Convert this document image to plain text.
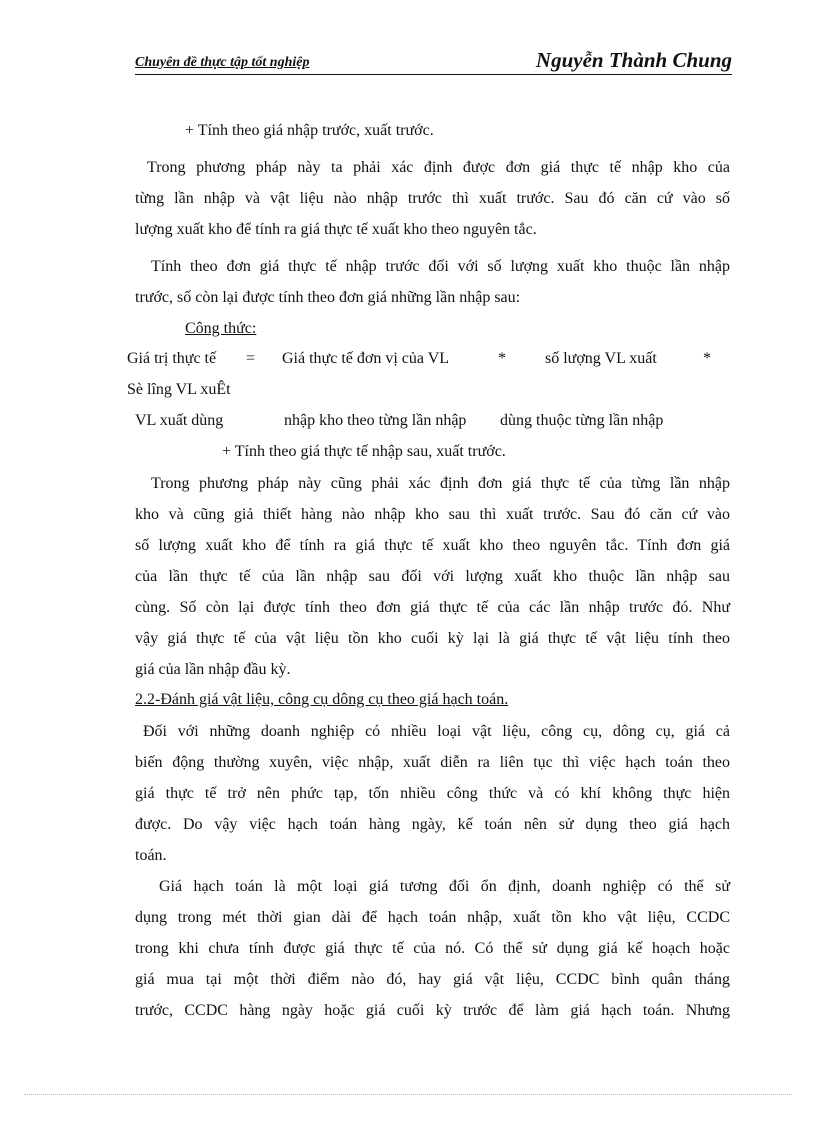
Chuyên đề thực tập tốt nghiệp	Nguyễn Thành Chung
+ Tính theo giá nhập trước, xuất trước.
Trong phương pháp này ta phải xác định được đơn giá thực tế nhập kho của
từng lần nhập và vật liệu nào nhập trước thì xuất trước. Sau đó căn cứ vào số
lượng xuất kho để tính ra giá thực tế xuất kho theo nguyên tắc.
Tính theo đơn giá thực tế nhập trước đối với số lượng xuất kho thuộc lần nhập
trước, số còn lại được tính theo đơn giá những lần nhập sau:
Công thức:
Giá trị thực tế = Giá thực tế đơn vị của VL	* số lượng VL xuất	*
Sè lîng VL xuÊt
VL xuất dùng	nhập kho theo từng lần nhập dùng thuộc từng lần nhập
+ Tính theo giá thực tế nhập sau, xuất trước.
Trong phương pháp này cũng phải xác định đơn giá thực tế của từng lần nhập
kho và cũng giả thiết hàng nào nhập kho sau thì xuất trước. Sau đó căn cứ vào
số lượng xuất kho để tính ra giá thực tế xuất kho theo nguyên tắc. Tính đơn giá
của lần thực tế của lần nhập sau đối với lượng xuất kho thuộc lần nhập sau
cùng. Số còn lại được tính theo đơn giá thực tế của các lần nhập trước đó. Như
vậy giá thực tế của vật liệu tồn kho cuối kỳ lại là giá thực tế vật liệu tính theo
giá của lần nhập đầu kỳ.
2.2-Đánh giá vật liệu, công cụ dông cụ theo giá hạch toán.
Đối với những doanh nghiệp có nhiều loại vật liệu, công cụ, dông cụ, giá cả
biến động thường xuyên, việc nhập, xuất diễn ra liên tục thì việc hạch toán theo
giá thực tế trở nên phức tạp, tốn nhiều công thức và có khí không thực hiện
được. Do vậy việc hạch toán hàng ngày, kế toán nên sử dụng theo giá hạch
toán.
Giá hạch toán là một loại giá tương đối ổn định, doanh nghiệp có thể sử
dụng trong mét thời gian dài để hạch toán nhập, xuất tồn kho vật liệu, CCDC
trong khi chưa tính được giá thực tế của nó. Có thể sử dụng giá kế hoạch hoặc
giá mua tại một thời điểm nào đó, hay giá vật liệu, CCDC bình quân tháng
trước, CCDC hàng ngày hoặc giá cuối kỳ trước để làm giá hạch toán. Nhưng
